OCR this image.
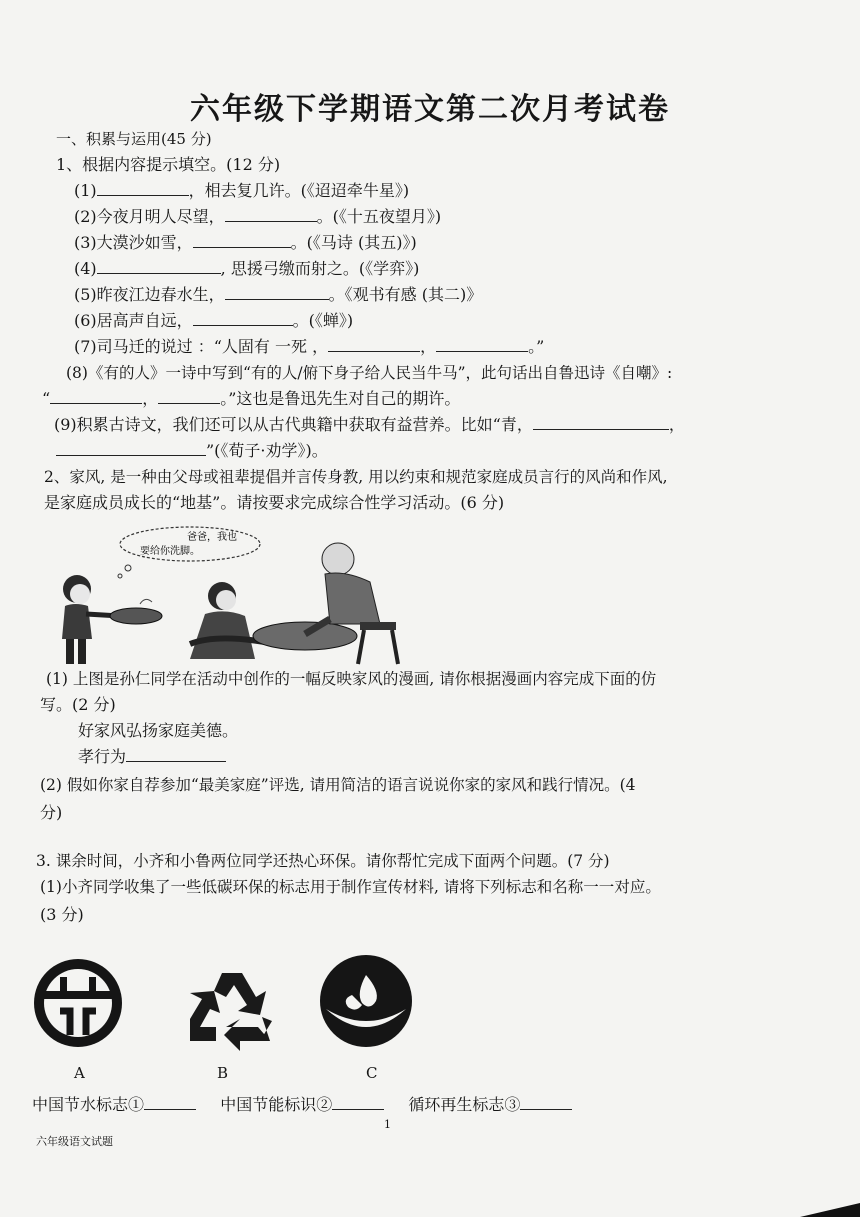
六年级下学期语文第二次月考试卷
一、积累与运用(45 分)
1、根据内容提示填空。(12 分)
(1)	，相去复几许。(《迢迢牵牛星》)
(2)今夜月明人尽望，	。(《十五夜望月》)
(3)大漠沙如雪，	。(《马诗 (其五)》)
(4)	, 思援弓缴而射之。(《学弈》)
(5)昨夜江边春水生，	。《观书有感 (其二)》
(6)居高声自远，	。(《蝉》)
(7)司马迁的说过 ：“人固有 一死 ，	，	。”
(8)《有的人》一诗中写到“有的人/俯下身子给人民当牛马”，此句话出自鲁迅诗《自嘲》:
“	，	。”这也是鲁迅先生对自己的期许。
(9)积累古诗文，我们还可以从古代典籍中获取有益营养。比如“青，	，
”(《荀子·劝学》)。
2、家风, 是一种由父母或祖辈提倡并言传身教, 用以约束和规范家庭成员言行的风尚和作风,
是家庭成员成长的“地基”。请按要求完成综合性学习活动。(6 分)
爸爸，我也
要给你洗脚。
(1) 上图是孙仁同学在活动中创作的一幅反映家风的漫画, 请你根据漫画内容完成下面的仿
写。(2 分)
好家风弘扬家庭美德。
孝行为
(2) 假如你家自荐参加“最美家庭”评选, 请用简洁的语言说说你家的家风和践行情况。(4
分)
3. 课余时间，小齐和小鲁两位同学还热心环保。请你帮忙完成下面两个问题。(7 分)
(1)小齐同学收集了一些低碳环保的标志用于制作宣传材料, 请将下列标志和名称一一对应。
(3 分)
A	B	C
中国节水标志①	中国节能标识②	循环再生标志③
1
六年级语文试题
